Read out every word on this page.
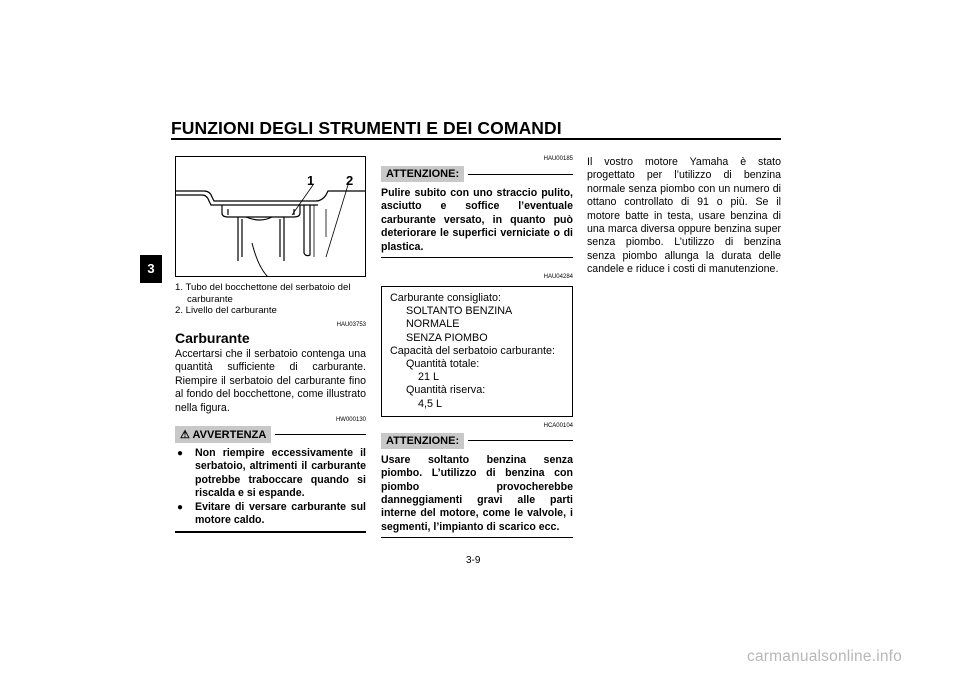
FUNZIONI DEGLI STRUMENTI E DEI COMANDI
3
1 2
1. Tubo del bocchettone del serbatoio del
carburante
2. Livello del carburante
HAU03753
Carburante
Accertarsi che il serbatoio contenga una quantità sufficiente di carburante. Riempire il serbatoio del carburante fino al fondo del bocchettone, come illustrato nella figura.
HW000130
⚠ AVVERTENZA
● Non riempire eccessivamente il serbatoio, altrimenti il carburante potrebbe traboccare quando si riscalda e si espande.
● Evitare di versare carburante sul motore caldo.
HAU00185
ATTENZIONE:
Pulire subito con uno straccio pulito, asciutto e soffice l’eventuale carburante versato, in quanto può deteriorare le superfici verniciate o di plastica.
HAU04284
Carburante consigliato:
SOLTANTO BENZINA NORMALE
SENZA PIOMBO
Capacità del serbatoio carburante:
Quantità totale:
21 L
Quantità riserva:
4,5 L
HCA00104
ATTENZIONE:
Usare soltanto benzina senza piombo. L’utilizzo di benzina con piombo provocherebbe danneggiamenti gravi alle parti interne del motore, come le valvole, i segmenti, l’impianto di scarico ecc.
Il vostro motore Yamaha è stato progettato per l’utilizzo di benzina normale senza piombo con un numero di ottano controllato di 91 o più. Se il motore batte in testa, usare benzina di una marca diversa oppure benzina super senza piombo. L’utilizzo di benzina senza piombo allunga la durata delle candele e riduce i costi di manutenzione.
3-9
carmanualsonline.info
